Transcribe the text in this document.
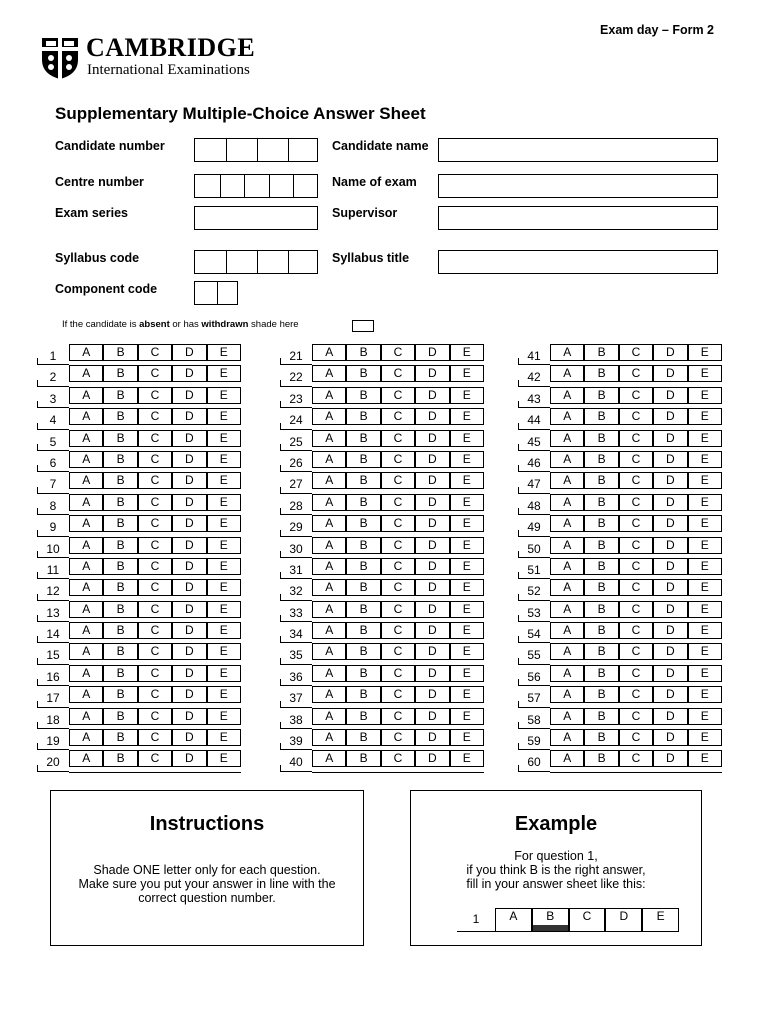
CAMBRIDGE
International Examinations
Exam day – Form 2
Supplementary Multiple-Choice Answer Sheet
Candidate number	Candidate name
Centre number	Name of exam
Exam series	Supervisor
Syllabus code	Syllabus title
Component code
If the candidate is absent or has withdrawn shade here
1	A	B	C	D	E
2	A	B	C	D	E
3	A	B	C	D	E
4	A	B	C	D	E
5	A	B	C	D	E
6	A	B	C	D	E
7	A	B	C	D	E
8	A	B	C	D	E
9	A	B	C	D	E
10	A	B	C	D	E
11	A	B	C	D	E
12	A	B	C	D	E
13	A	B	C	D	E
14	A	B	C	D	E
15	A	B	C	D	E
16	A	B	C	D	E
17	A	B	C	D	E
18	A	B	C	D	E
19	A	B	C	D	E
20	A	B	C	D	E
21	A	B	C	D	E
22	A	B	C	D	E
23	A	B	C	D	E
24	A	B	C	D	E
25	A	B	C	D	E
26	A	B	C	D	E
27	A	B	C	D	E
28	A	B	C	D	E
29	A	B	C	D	E
30	A	B	C	D	E
31	A	B	C	D	E
32	A	B	C	D	E
33	A	B	C	D	E
34	A	B	C	D	E
35	A	B	C	D	E
36	A	B	C	D	E
37	A	B	C	D	E
38	A	B	C	D	E
39	A	B	C	D	E
40	A	B	C	D	E
41	A	B	C	D	E
42	A	B	C	D	E
43	A	B	C	D	E
44	A	B	C	D	E
45	A	B	C	D	E
46	A	B	C	D	E
47	A	B	C	D	E
48	A	B	C	D	E
49	A	B	C	D	E
50	A	B	C	D	E
51	A	B	C	D	E
52	A	B	C	D	E
53	A	B	C	D	E
54	A	B	C	D	E
55	A	B	C	D	E
56	A	B	C	D	E
57	A	B	C	D	E
58	A	B	C	D	E
59	A	B	C	D	E
60	A	B	C	D	E
Instructions
Shade ONE letter only for each question.
Make sure you put your answer in line with the
correct question number.
Example
For question 1,
if you think B is the right answer,
fill in your answer sheet like this:
1	A	B	C	D	E
